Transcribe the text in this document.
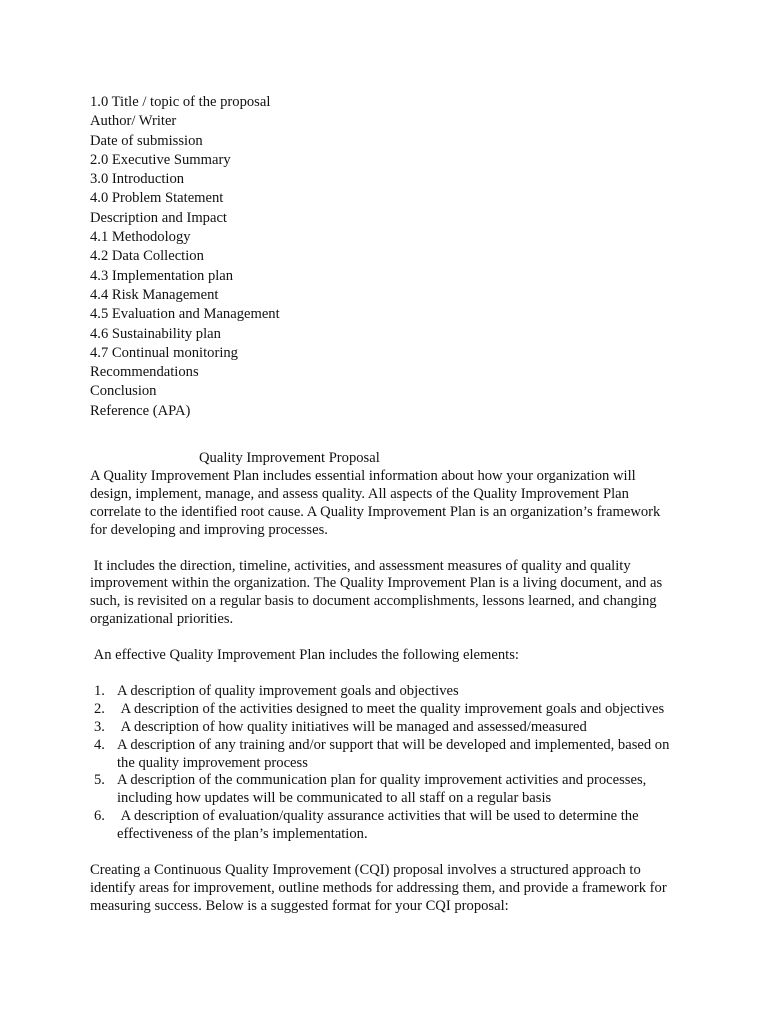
1.0 Title / topic of the proposal
Author/ Writer
Date of submission
2.0 Executive Summary
3.0 Introduction
4.0 Problem Statement
Description and Impact
4.1 Methodology
4.2 Data Collection
4.3 Implementation plan
4.4 Risk Management
4.5 Evaluation and Management
4.6 Sustainability plan
4.7 Continual monitoring
Recommendations
Conclusion
Reference (APA)
Quality Improvement Proposal

A Quality Improvement Plan includes essential information about how your organization will design, implement, manage, and assess quality. All aspects of the Quality Improvement Plan correlate to the identified root cause. A Quality Improvement Plan is an organization’s framework for developing and improving processes.

It includes the direction, timeline, activities, and assessment measures of quality and quality improvement within the organization. The Quality Improvement Plan is a living document, and as such, is revisited on a regular basis to document accomplishments, lessons learned, and changing organizational priorities.

An effective Quality Improvement Plan includes the following elements:

1. A description of quality improvement goals and objectives
2. A description of the activities designed to meet the quality improvement goals and objectives
3. A description of how quality initiatives will be managed and assessed/measured
4. A description of any training and/or support that will be developed and implemented, based on the quality improvement process
5. A description of the communication plan for quality improvement activities and processes, including how updates will be communicated to all staff on a regular basis
6. A description of evaluation/quality assurance activities that will be used to determine the effectiveness of the plan’s implementation.

Creating a Continuous Quality Improvement (CQI) proposal involves a structured approach to identify areas for improvement, outline methods for addressing them, and provide a framework for measuring success. Below is a suggested format for your CQI proposal:
